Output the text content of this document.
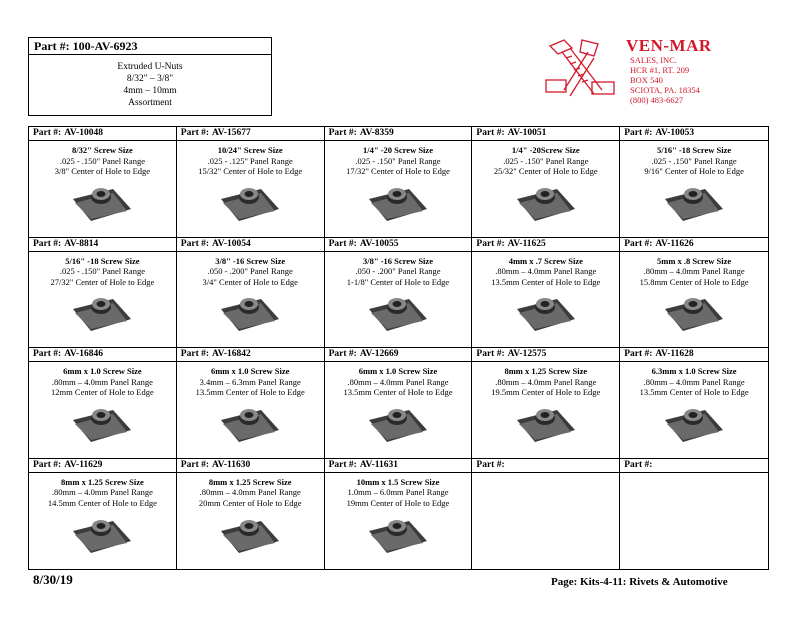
Part #: 100-AV-6923
Extruded U-Nuts
8/32" – 3/8"
4mm – 10mm
Assortment
VEN-MAR
SALES, INC.
HCR #1, RT. 209
BOX 540
SCIOTA, PA. 18354
(800) 483-6627
Part #: AV-10048
8/32" Screw Size
.025 - .150" Panel Range
3/8" Center of Hole to Edge
Part #: AV-15677
10/24" Screw Size
.025 - .125" Panel Range
15/32" Center of Hole to Edge
Part #: AV-8359
1/4" -20 Screw Size
.025 - .150" Panel Range
17/32" Center of Hole to Edge
Part #: AV-10051
1/4" -20Screw Size
.025 - .150" Panel Range
25/32" Center of Hole to Edge
Part #: AV-10053
5/16" -18 Screw Size
.025 - .150" Panel Range
9/16" Center of Hole to Edge
Part #: AV-8814
5/16" -18 Screw Size
.025 - .150" Panel Range
27/32" Center of Hole to Edge
Part #: AV-10054
3/8" -16 Screw Size
.050 - .200" Panel Range
3/4" Center of Hole to Edge
Part #: AV-10055
3/8" -16 Screw Size
.050 - .200" Panel Range
1-1/8" Center of Hole to Edge
Part #: AV-11625
4mm x .7 Screw Size
.80mm – 4.0mm Panel Range
13.5mm Center of Hole to Edge
Part #: AV-11626
5mm x .8 Screw Size
.80mm – 4.0mm Panel Range
15.8mm Center of Hole to Edge
Part #: AV-16846
6mm x 1.0 Screw Size
.80mm – 4.0mm Panel Range
12mm Center of Hole to Edge
Part #: AV-16842
6mm x 1.0 Screw Size
3.4mm – 6.3mm Panel Range
13.5mm Center of Hole to Edge
Part #: AV-12669
6mm x 1.0 Screw Size
.80mm – 4.0mm Panel Range
13.5mm Center of Hole to Edge
Part #: AV-12575
8mm x 1.25 Screw Size
.80mm – 4.0mm Panel Range
19.5mm Center of Hole to Edge
Part #: AV-11628
6.3mm x 1.0 Screw Size
.80mm – 4.0mm Panel Range
13.5mm Center of Hole to Edge
Part #: AV-11629
8mm x 1.25 Screw Size
.80mm – 4.0mm Panel Range
14.5mm Center of Hole to Edge
Part #: AV-11630
8mm x 1.25 Screw Size
.80mm – 4.0mm Panel Range
20mm Center of Hole to Edge
Part #: AV-11631
10mm x 1.5 Screw Size
1.0mm – 6.0mm Panel Range
19mm Center of Hole to Edge
Part #:	Part #:
8/30/19	Page: Kits-4-11: Rivets & Automotive
